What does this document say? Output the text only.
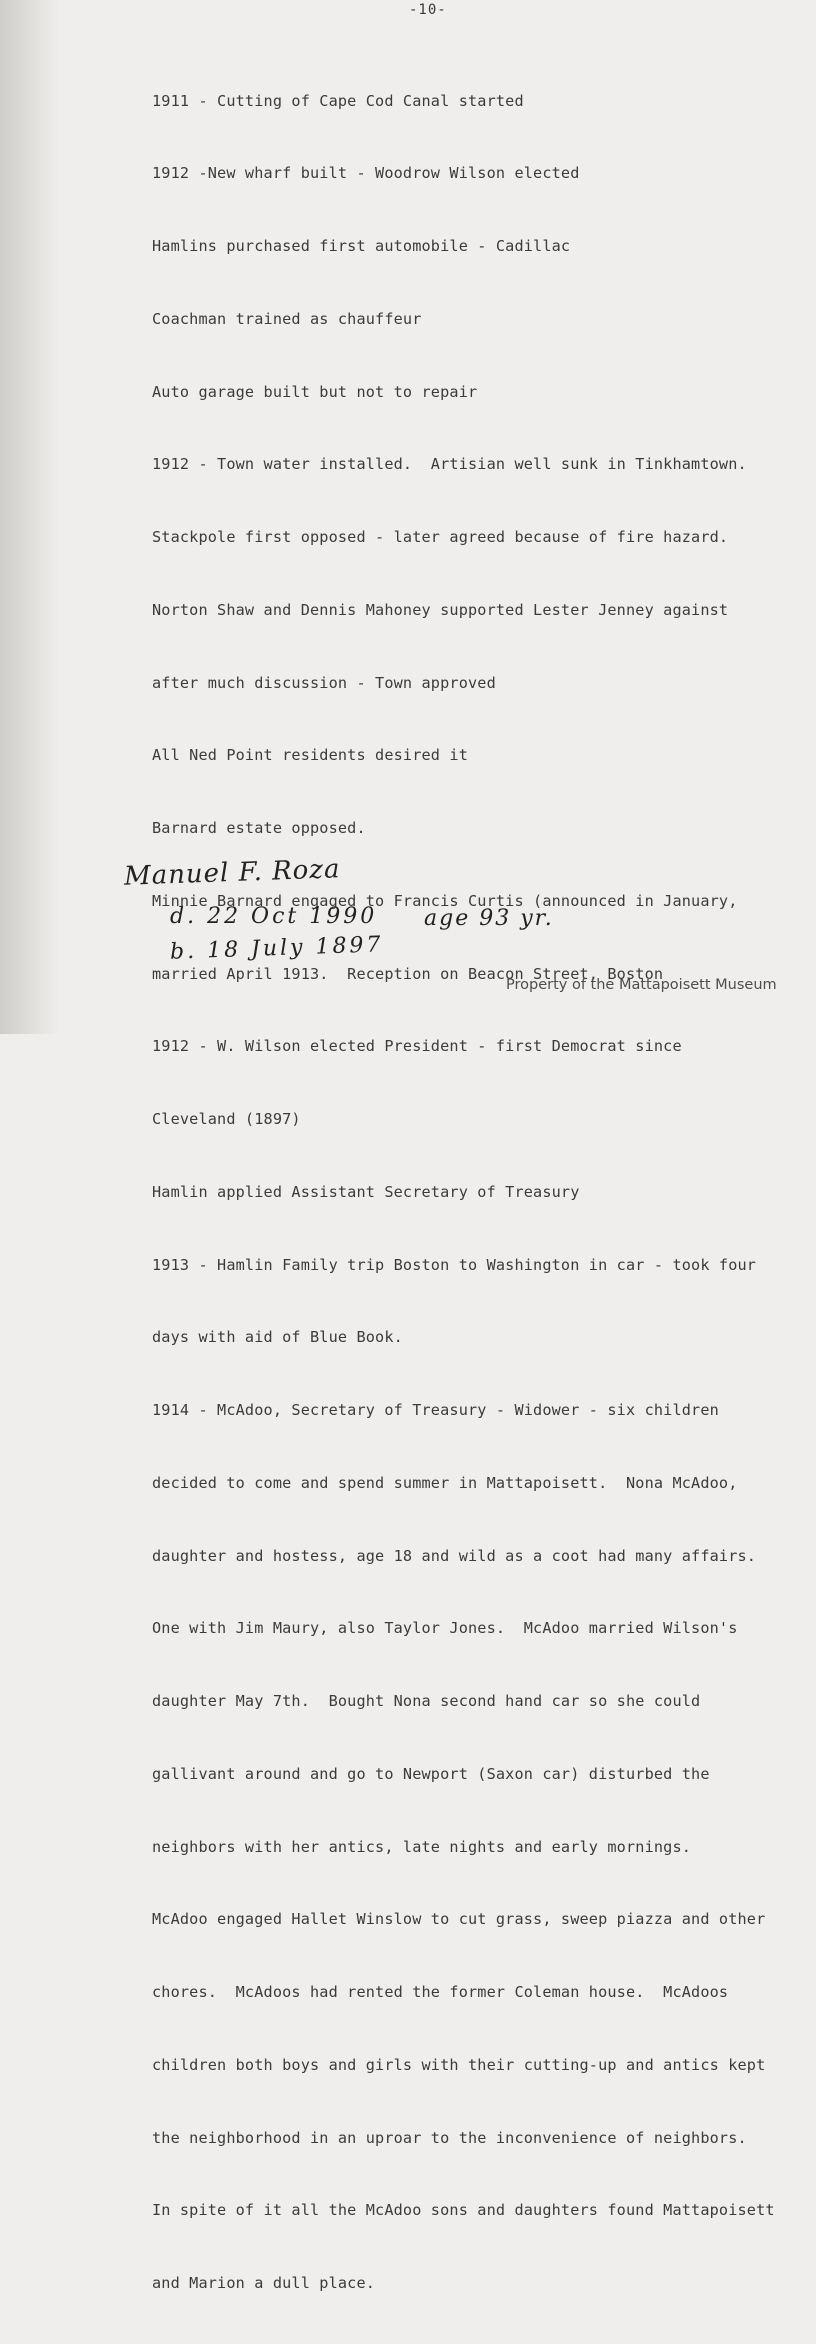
-10-

1911 - Cutting of Cape Cod Canal started

1912 -New wharf built - Woodrow Wilson elected

Hamlins purchased first automobile - Cadillac

Coachman trained as chauffeur

Auto garage built but not to repair

1912 - Town water installed.  Artisian well sunk in Tinkhamtown.

Stackpole first opposed - later agreed because of fire hazard.

Norton Shaw and Dennis Mahoney supported Lester Jenney against

after much discussion - Town approved

All Ned Point residents desired it

Barnard estate opposed.

Minnie Barnard engaged to Francis Curtis (announced in January,

married April 1913.  Reception on Beacon Street, Boston

1912 - W. Wilson elected President - first Democrat since

Cleveland (1897)

Hamlin applied Assistant Secretary of Treasury

1913 - Hamlin Family trip Boston to Washington in car - took four

days with aid of Blue Book.

1914 - McAdoo, Secretary of Treasury - Widower - six children

decided to come and spend summer in Mattapoisett.  Nona McAdoo,

daughter and hostess, age 18 and wild as a coot had many affairs.

One with Jim Maury, also Taylor Jones.  McAdoo married Wilson's

daughter May 7th.  Bought Nona second hand car so she could

gallivant around and go to Newport (Saxon car) disturbed the

neighbors with her antics, late nights and early mornings.

McAdoo engaged Hallet Winslow to cut grass, sweep piazza and other

chores.  McAdoos had rented the former Coleman house.  McAdoos

children both boys and girls with their cutting-up and antics kept

the neighborhood in an uproar to the inconvenience of neighbors.

In spite of it all the McAdoo sons and daughters found Mattapoisett

and Marion a dull place.

Manuel F. Roza
d. 22 Oct 1990 age 93 yr.
b. 18 July 1897
Property of the Mattapoisett Museum
